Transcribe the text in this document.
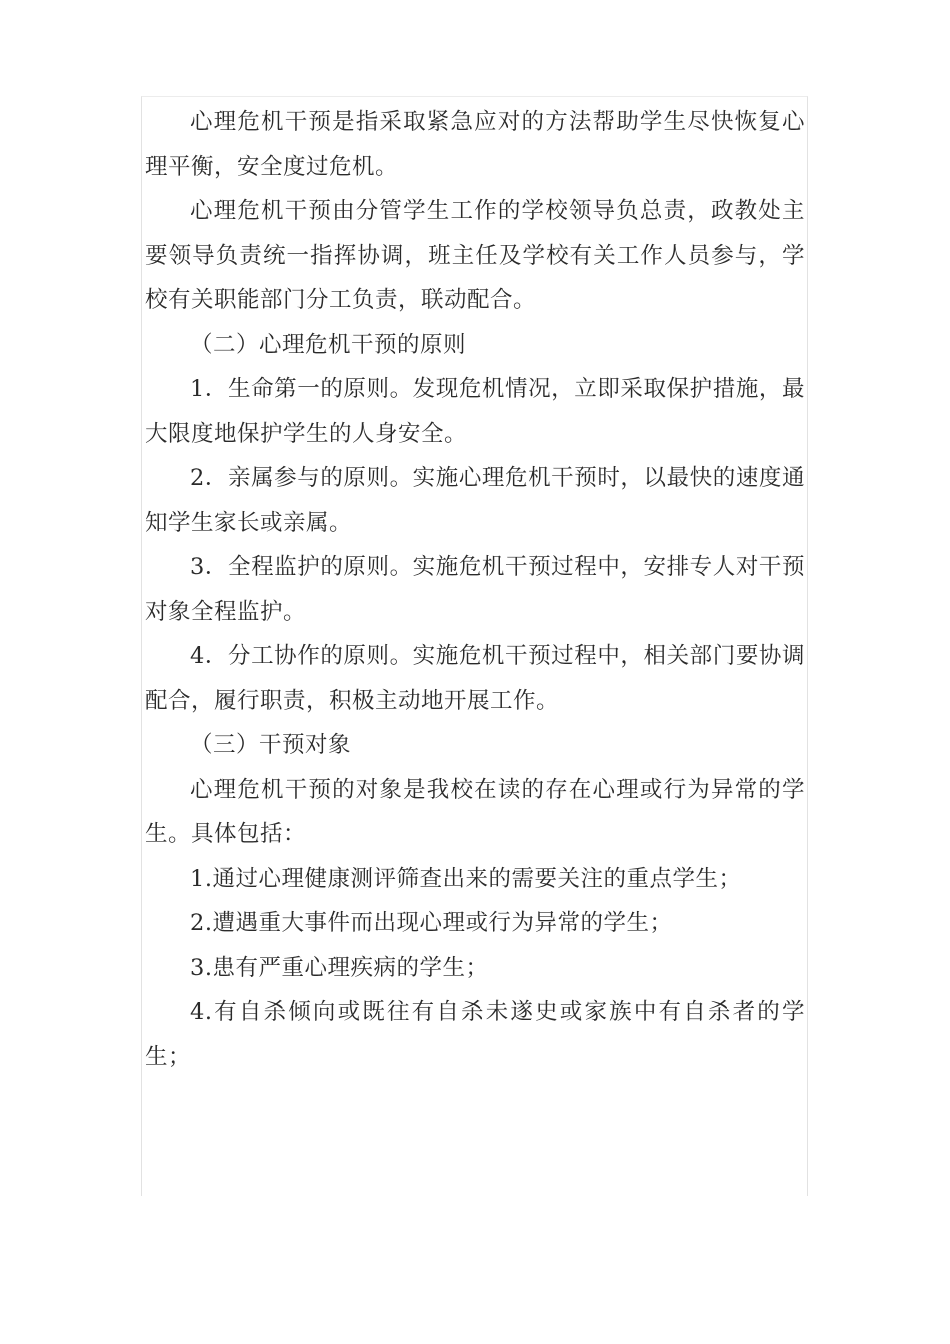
心理危机干预是指采取紧急应对的方法帮助学生尽快恢复心理平衡，安全度过危机。

心理危机干预由分管学生工作的学校领导负总责，政教处主要领导负责统一指挥协调，班主任及学校有关工作人员参与，学校有关职能部门分工负责，联动配合。

（二）心理危机干预的原则

1．生命第一的原则。发现危机情况，立即采取保护措施，最大限度地保护学生的人身安全。

2．亲属参与的原则。实施心理危机干预时，以最快的速度通知学生家长或亲属。

3．全程监护的原则。实施危机干预过程中，安排专人对干预对象全程监护。

4．分工协作的原则。实施危机干预过程中，相关部门要协调配合，履行职责，积极主动地开展工作。

（三）干预对象

心理危机干预的对象是我校在读的存在心理或行为异常的学生。具体包括：

1.通过心理健康测评筛查出来的需要关注的重点学生；

2.遭遇重大事件而出现心理或行为异常的学生；

3.患有严重心理疾病的学生；

4.有自杀倾向或既往有自杀未遂史或家族中有自杀者的学生；
